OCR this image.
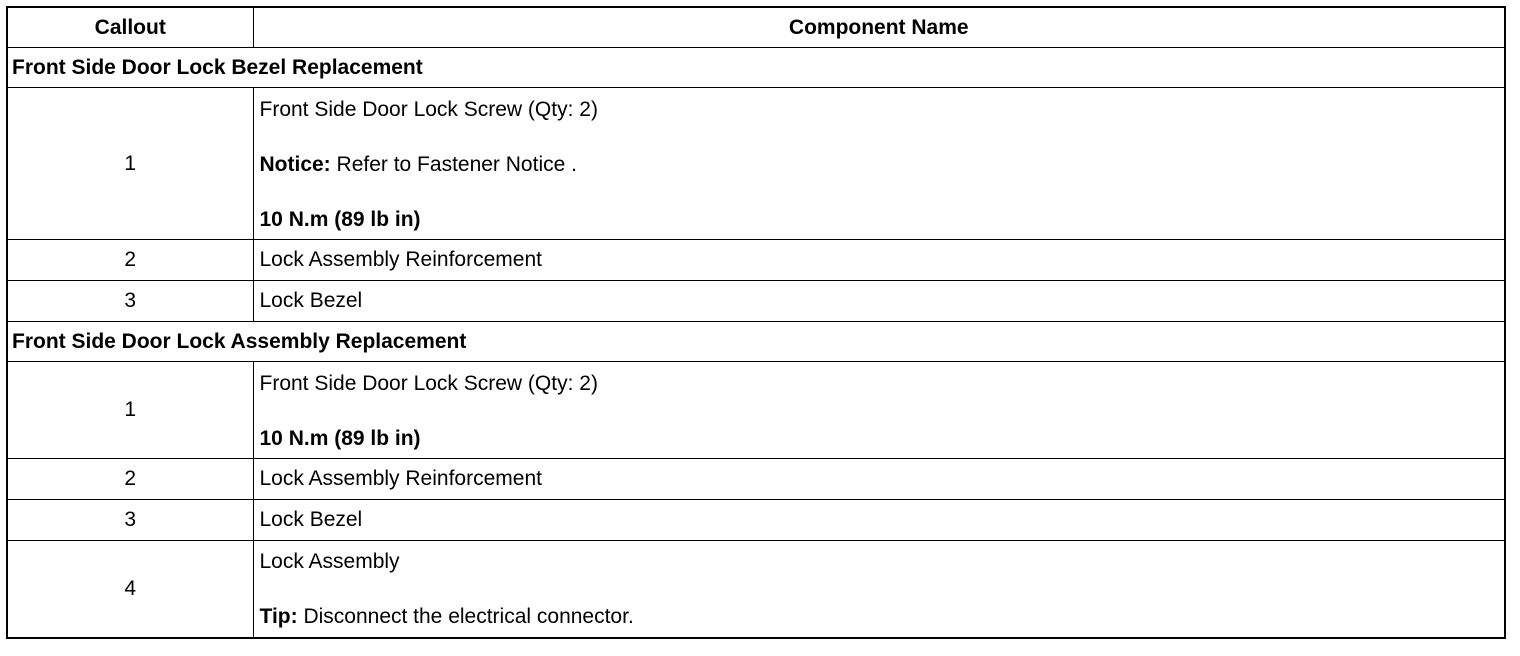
Callout	Component Name
Front Side Door Lock Bezel Replacement	
1	Front Side Door Lock Screw (Qty: 2)

Notice: Refer to Fastener Notice .

10 N.m (89 lb in)

2	Lock Assembly Reinforcement
3	Lock Bezel
Front Side Door Lock Assembly Replacement	
1	Front Side Door Lock Screw (Qty: 2)

10 N.m (89 lb in)

2	Lock Assembly Reinforcement
3	Lock Bezel
4	Lock Assembly

Tip: Disconnect the electrical connector.
